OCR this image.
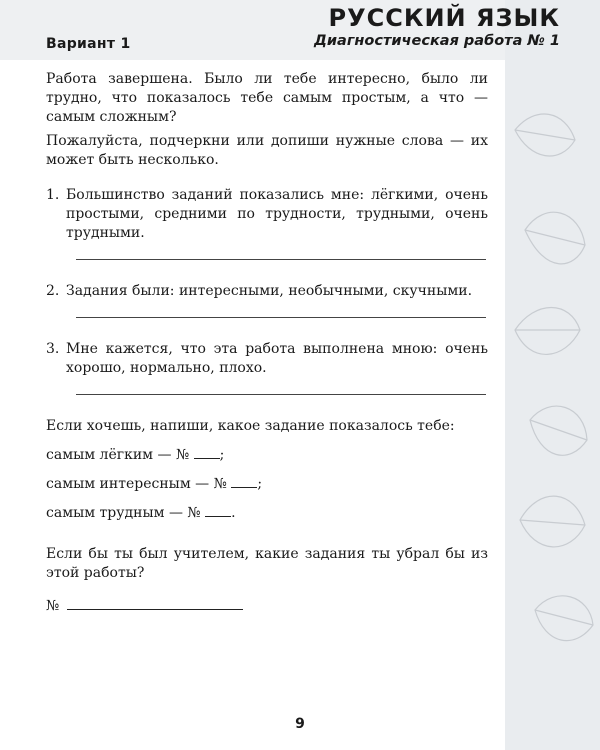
Вариант 1
РУССКИЙ ЯЗЫК
Диагностическая работа № 1

Работа завершена. Было ли тебе интересно, было ли трудно, что показалось тебе самым простым, а что — самым сложным?

Пожалуйста, подчеркни или допиши нужные слова — их может быть несколько.

1. Большинство заданий показались мне: лёгкими, очень простыми, средними по трудности, трудными, очень трудными.
2. Задания были: интересными, необычными, скучными.
3. Мне кажется, что эта работа выполнена мною: очень хорошо, нормально, плохо.

Если хочешь, напиши, какое задание показалось тебе:

самым лёгким — № ;
самым интересным — № ;
самым трудным — № .

Если бы ты был учителем, какие задания ты убрал бы из этой работы?

№
9
